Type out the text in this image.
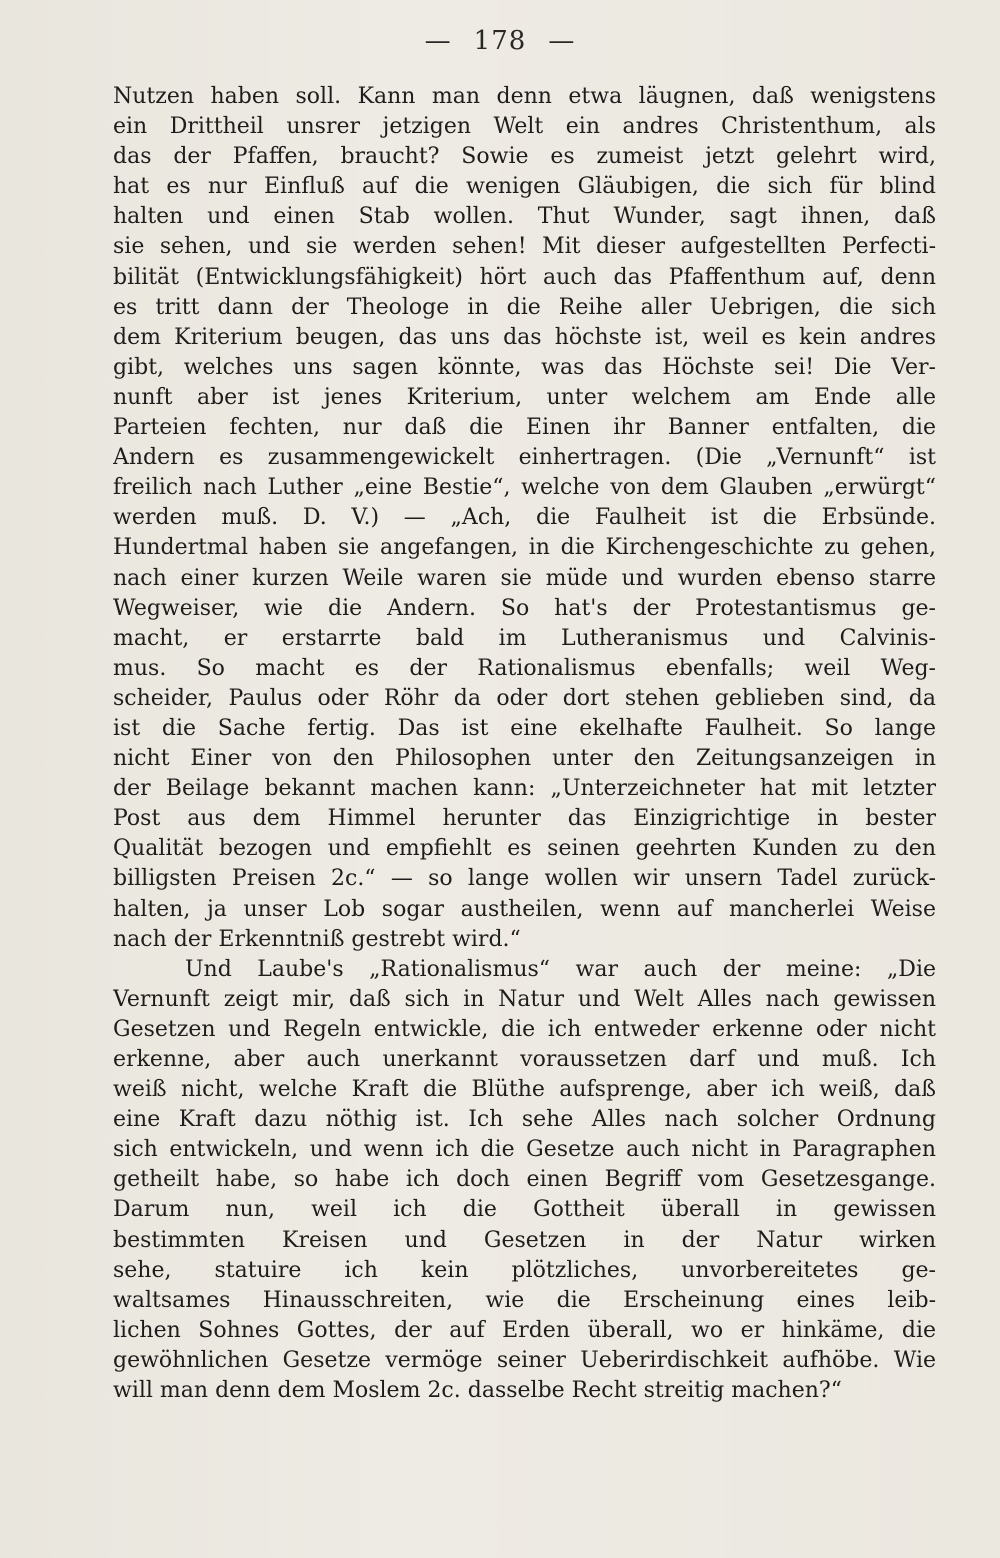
— 178 —
Nutzen haben soll. Kann man denn etwa läugnen, daß wenigstens
ein Drittheil unsrer jetzigen Welt ein andres Christenthum, als
das der Pfaffen, braucht? Sowie es zumeist jetzt gelehrt wird,
hat es nur Einfluß auf die wenigen Gläubigen, die sich für blind
halten und einen Stab wollen. Thut Wunder, sagt ihnen, daß
sie sehen, und sie werden sehen! Mit dieser aufgestellten Perfecti-
bilität (Entwicklungsfähigkeit) hört auch das Pfaffenthum auf, denn
es tritt dann der Theologe in die Reihe aller Uebrigen, die sich
dem Kriterium beugen, das uns das höchste ist, weil es kein andres
gibt, welches uns sagen könnte, was das Höchste sei! Die Ver-
nunft aber ist jenes Kriterium, unter welchem am Ende alle
Parteien fechten, nur daß die Einen ihr Banner entfalten, die
Andern es zusammengewickelt einhertragen. (Die „Vernunft“ ist
freilich nach Luther „eine Bestie“, welche von dem Glauben „erwürgt“
werden muß. D. V.) — „Ach, die Faulheit ist die Erbsünde.
Hundertmal haben sie angefangen, in die Kirchengeschichte zu gehen,
nach einer kurzen Weile waren sie müde und wurden ebenso starre
Wegweiser, wie die Andern. So hat's der Protestantismus ge-
macht, er erstarrte bald im Lutheranismus und Calvinis-
mus. So macht es der Rationalismus ebenfalls; weil Weg-
scheider, Paulus oder Röhr da oder dort stehen geblieben sind, da
ist die Sache fertig. Das ist eine ekelhafte Faulheit. So lange
nicht Einer von den Philosophen unter den Zeitungsanzeigen in
der Beilage bekannt machen kann: „Unterzeichneter hat mit letzter
Post aus dem Himmel herunter das Einzigrichtige in bester
Qualität bezogen und empfiehlt es seinen geehrten Kunden zu den
billigsten Preisen 2c.“ — so lange wollen wir unsern Tadel zurück-
halten, ja unser Lob sogar austheilen, wenn auf mancherlei Weise
nach der Erkenntniß gestrebt wird.“
Und Laube's „Rationalismus“ war auch der meine: „Die
Vernunft zeigt mir, daß sich in Natur und Welt Alles nach gewissen
Gesetzen und Regeln entwickle, die ich entweder erkenne oder nicht
erkenne, aber auch unerkannt voraussetzen darf und muß. Ich
weiß nicht, welche Kraft die Blüthe aufsprenge, aber ich weiß, daß
eine Kraft dazu nöthig ist. Ich sehe Alles nach solcher Ordnung
sich entwickeln, und wenn ich die Gesetze auch nicht in Paragraphen
getheilt habe, so habe ich doch einen Begriff vom Gesetzesgange.
Darum nun, weil ich die Gottheit überall in gewissen
bestimmten Kreisen und Gesetzen in der Natur wirken
sehe, statuire ich kein plötzliches, unvorbereitetes ge-
waltsames Hinausschreiten, wie die Erscheinung eines leib-
lichen Sohnes Gottes, der auf Erden überall, wo er hinkäme, die
gewöhnlichen Gesetze vermöge seiner Ueberirdischkeit aufhöbe. Wie
will man denn dem Moslem 2c. dasselbe Recht streitig machen?“
